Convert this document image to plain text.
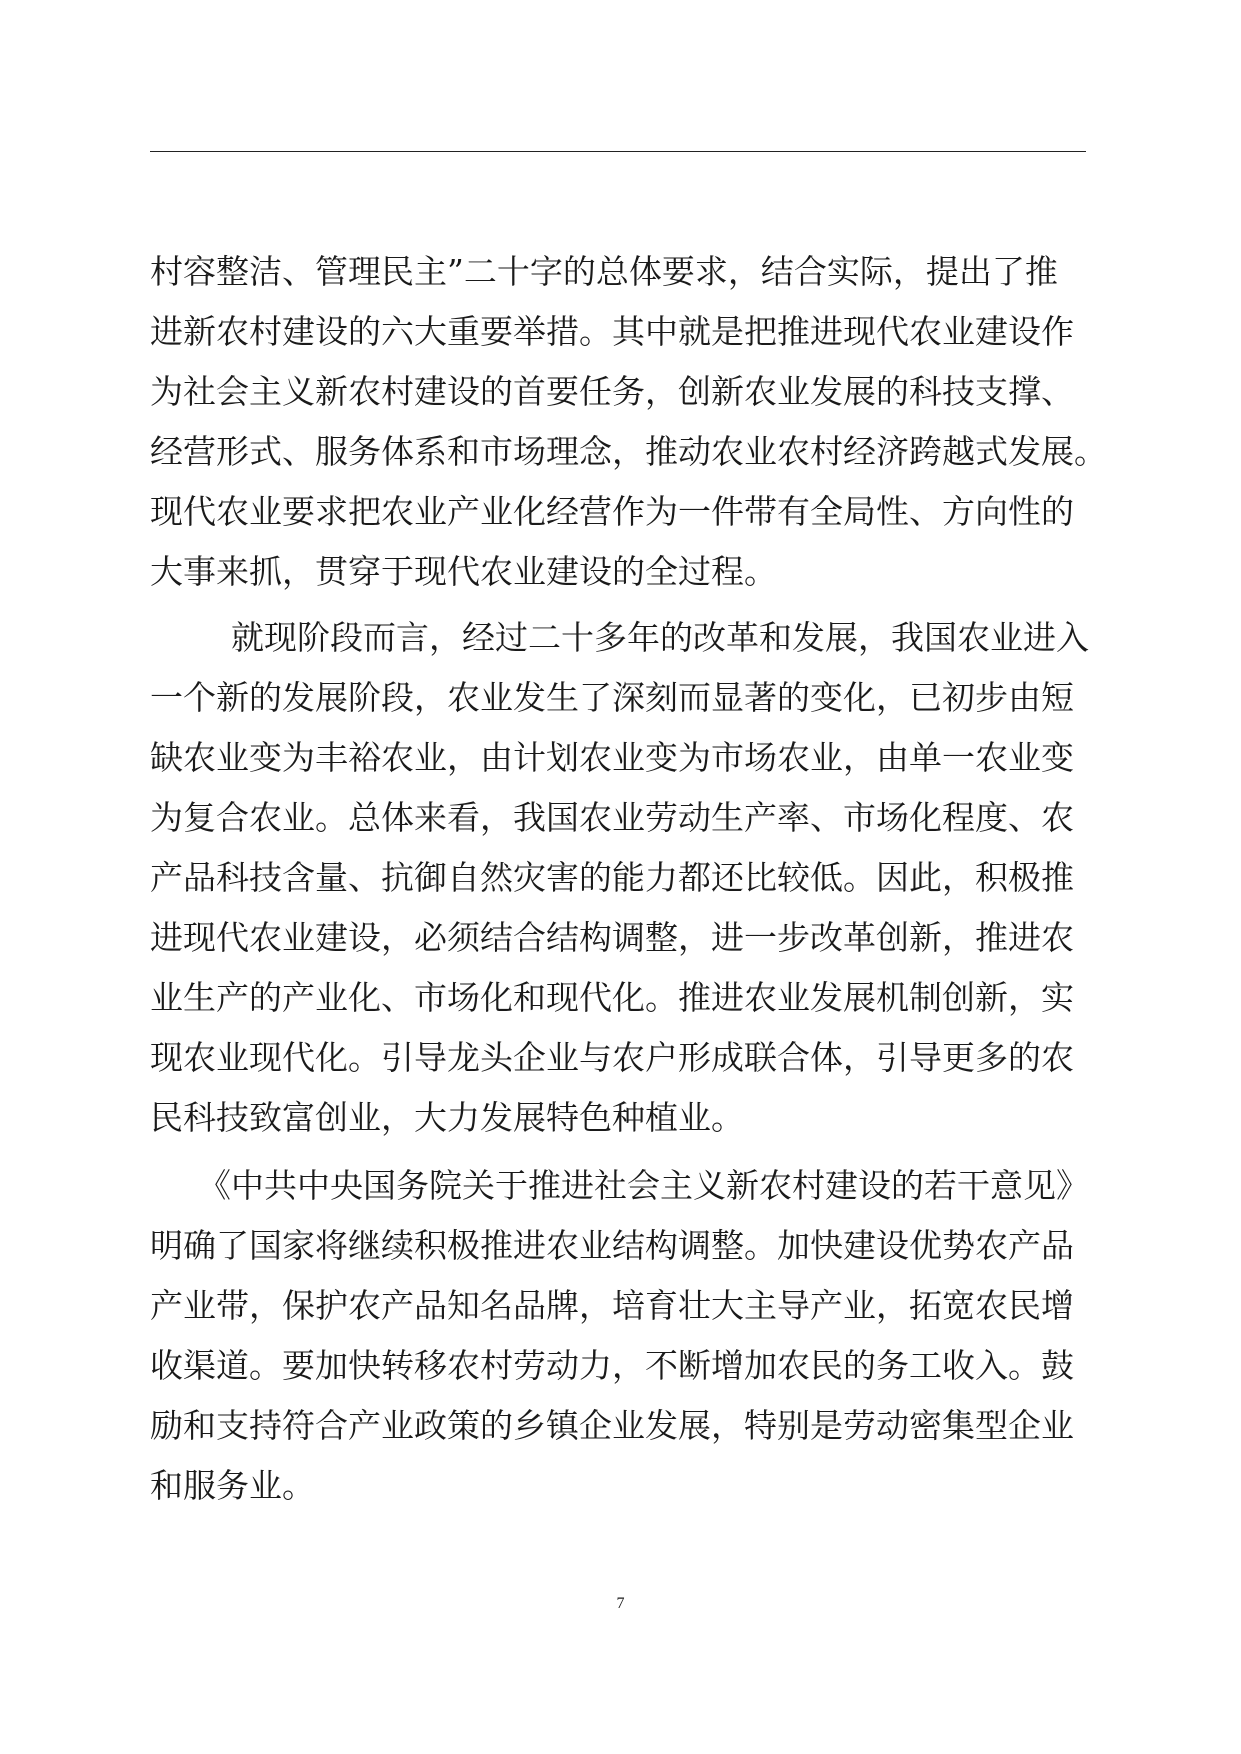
村容整洁、管理民主”二十字的总体要求，结合实际，提出了推
进新农村建设的六大重要举措。其中就是把推进现代农业建设作
为社会主义新农村建设的首要任务，创新农业发展的科技支撑、
经营形式、服务体系和市场理念，推动农业农村经济跨越式发展。
现代农业要求把农业产业化经营作为一件带有全局性、方向性的
大事来抓，贯穿于现代农业建设的全过程。
　就现阶段而言，经过二十多年的改革和发展，我国农业进入
一个新的发展阶段，农业发生了深刻而显著的变化，已初步由短
缺农业变为丰裕农业，由计划农业变为市场农业，由单一农业变
为复合农业。总体来看，我国农业劳动生产率、市场化程度、农
产品科技含量、抗御自然灾害的能力都还比较低。因此，积极推
进现代农业建设，必须结合结构调整，进一步改革创新，推进农
业生产的产业化、市场化和现代化。推进农业发展机制创新，实
现农业现代化。引导龙头企业与农户形成联合体，引导更多的农
民科技致富创业，大力发展特色种植业。
《中共中央国务院关于推进社会主义新农村建设的若干意见》
明确了国家将继续积极推进农业结构调整。加快建设优势农产品
产业带，保护农产品知名品牌，培育壮大主导产业，拓宽农民增
收渠道。要加快转移农村劳动力，不断增加农民的务工收入。鼓
励和支持符合产业政策的乡镇企业发展，特别是劳动密集型企业
和服务业。
7
